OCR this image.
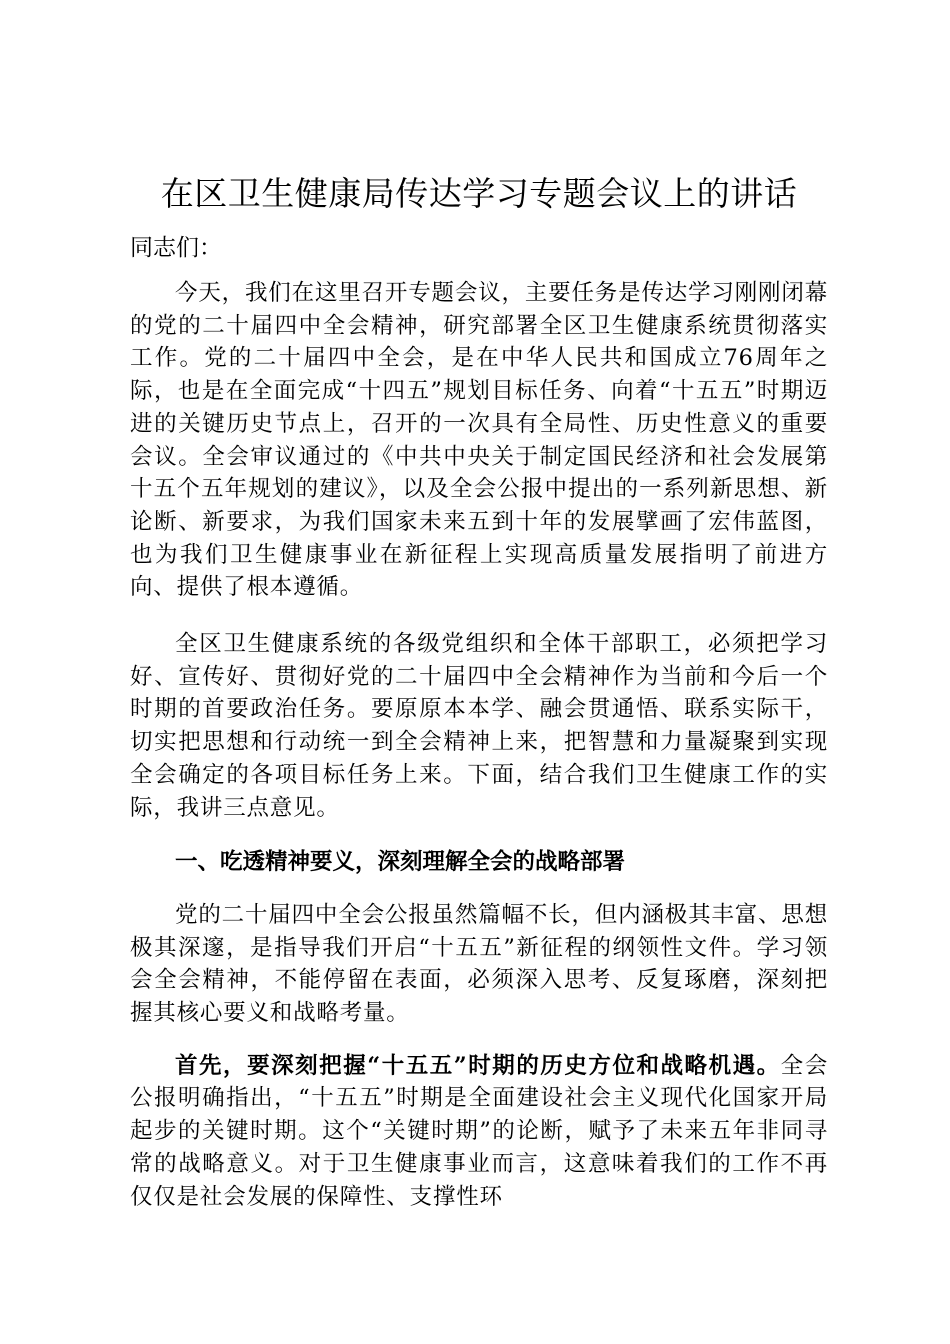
在区卫生健康局传达学习专题会议上的讲话

同志们：

今天，我们在这里召开专题会议，主要任务是传达学习刚刚闭幕的党的二十届四中全会精神，研究部署全区卫生健康系统贯彻落实工作。党的二十届四中全会，是在中华人民共和国成立76周年之际，也是在全面完成“十四五”规划目标任务、向着“十五五”时期迈进的关键历史节点上，召开的一次具有全局性、历史性意义的重要会议。全会审议通过的《中共中央关于制定国民经济和社会发展第十五个五年规划的建议》，以及全会公报中提出的一系列新思想、新论断、新要求，为我们国家未来五到十年的发展擘画了宏伟蓝图，也为我们卫生健康事业在新征程上实现高质量发展指明了前进方向、提供了根本遵循。

全区卫生健康系统的各级党组织和全体干部职工，必须把学习好、宣传好、贯彻好党的二十届四中全会精神作为当前和今后一个时期的首要政治任务。要原原本本学、融会贯通悟、联系实际干，切实把思想和行动统一到全会精神上来，把智慧和力量凝聚到实现全会确定的各项目标任务上来。下面，结合我们卫生健康工作的实际，我讲三点意见。

一、吃透精神要义，深刻理解全会的战略部署

党的二十届四中全会公报虽然篇幅不长，但内涵极其丰富、思想极其深邃，是指导我们开启“十五五”新征程的纲领性文件。学习领会全会精神，不能停留在表面，必须深入思考、反复琢磨，深刻把握其核心要义和战略考量。

首先，要深刻把握“十五五”时期的历史方位和战略机遇。全会公报明确指出，“十五五”时期是全面建设社会主义现代化国家开局起步的关键时期。这个“关键时期”的论断，赋予了未来五年非同寻常的战略意义。对于卫生健康事业而言，这意味着我们的工作不再仅仅是社会发展的保障性、支撑性环
